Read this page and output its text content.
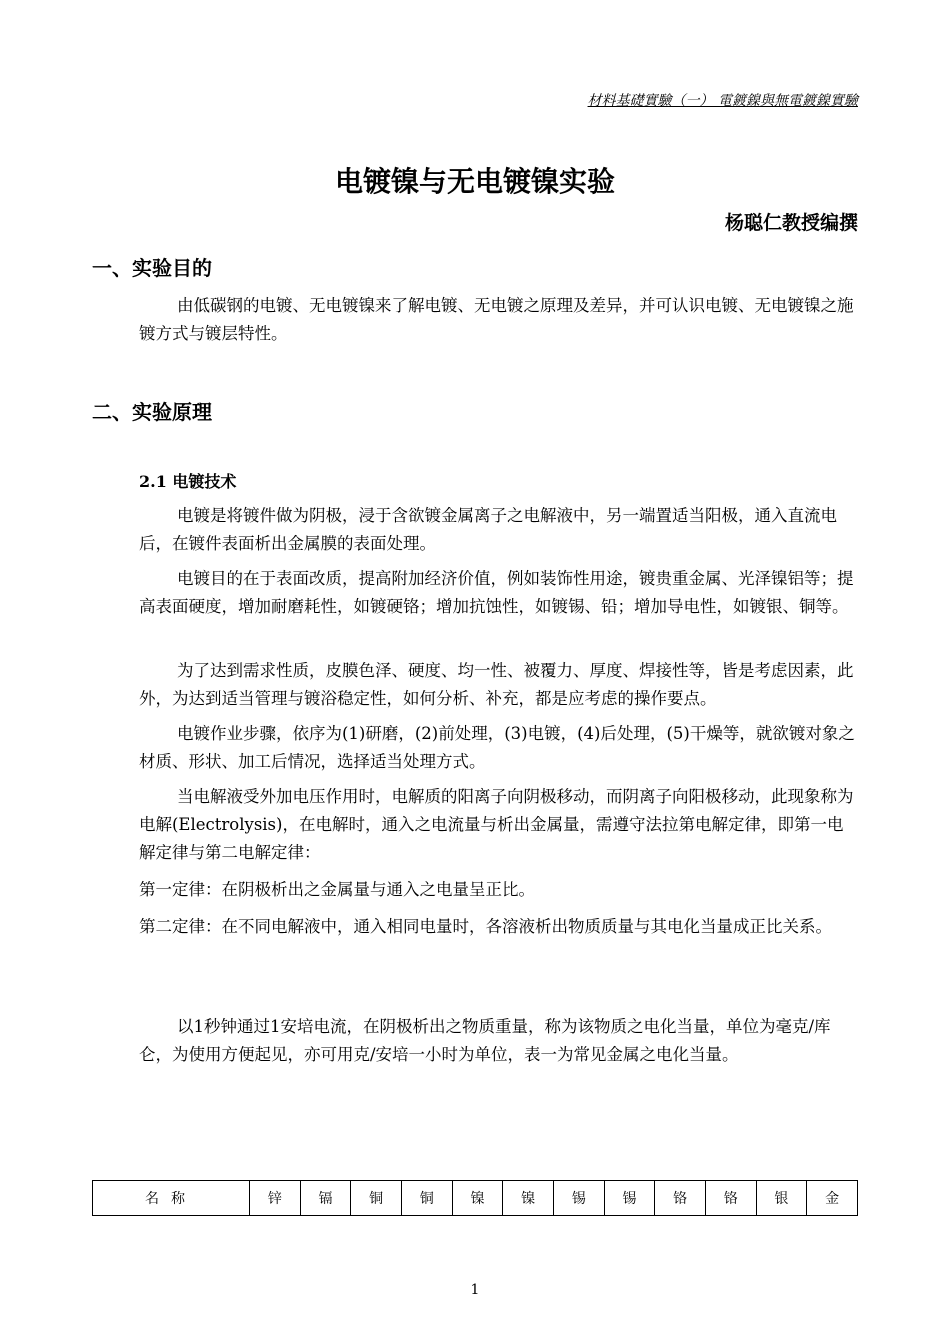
材料基礎實驗（一） 電鍍鎳與無電鍍鎳實驗
电镀镍与无电镀镍实验
杨聪仁教授编撰
一、实验目的
由低碳钢的电镀、无电镀镍来了解电镀、无电镀之原理及差异，并可认识电镀、无电镀镍之施镀方式与镀层特性。
二、实验原理
2.1 电镀技术
电镀是将镀件做为阴极，浸于含欲镀金属离子之电解液中，另一端置适当阳极，通入直流电后，在镀件表面析出金属膜的表面处理。
电镀目的在于表面改质，提高附加经济价值，例如装饰性用途，镀贵重金属、光泽镍铝等；提高表面硬度，增加耐磨耗性，如镀硬铬；增加抗蚀性，如镀锡、铅；增加导电性，如镀银、铜等。
为了达到需求性质，皮膜色泽、硬度、均一性、被覆力、厚度、焊接性等，皆是考虑因素，此外，为达到适当管理与镀浴稳定性，如何分析、补充，都是应考虑的操作要点。
电镀作业步骤，依序为(1)研磨，(2)前处理，(3)电镀，(4)后处理，(5)干燥等，就欲镀对象之材质、形状、加工后情况，选择适当处理方式。
当电解液受外加电压作用时，电解质的阳离子向阴极移动，而阴离子向阳极移动，此现象称为电解(Electrolysis)，在电解时，通入之电流量与析出金属量，需遵守法拉第电解定律，即第一电解定律与第二电解定律：
第一定律：在阴极析出之金属量与通入之电量呈正比。
第二定律：在不同电解液中，通入相同电量时，各溶液析出物质质量与其电化当量成正比关系。
以1秒钟通过1安培电流，在阴极析出之物质重量，称为该物质之电化当量，单位为毫克/库仑，为使用方便起见，亦可用克/安培一小时为单位，表一为常见金属之电化当量。
名称	锌	镉	铜	铜	镍	镍	锡	锡	铬	铬	银	金
1
